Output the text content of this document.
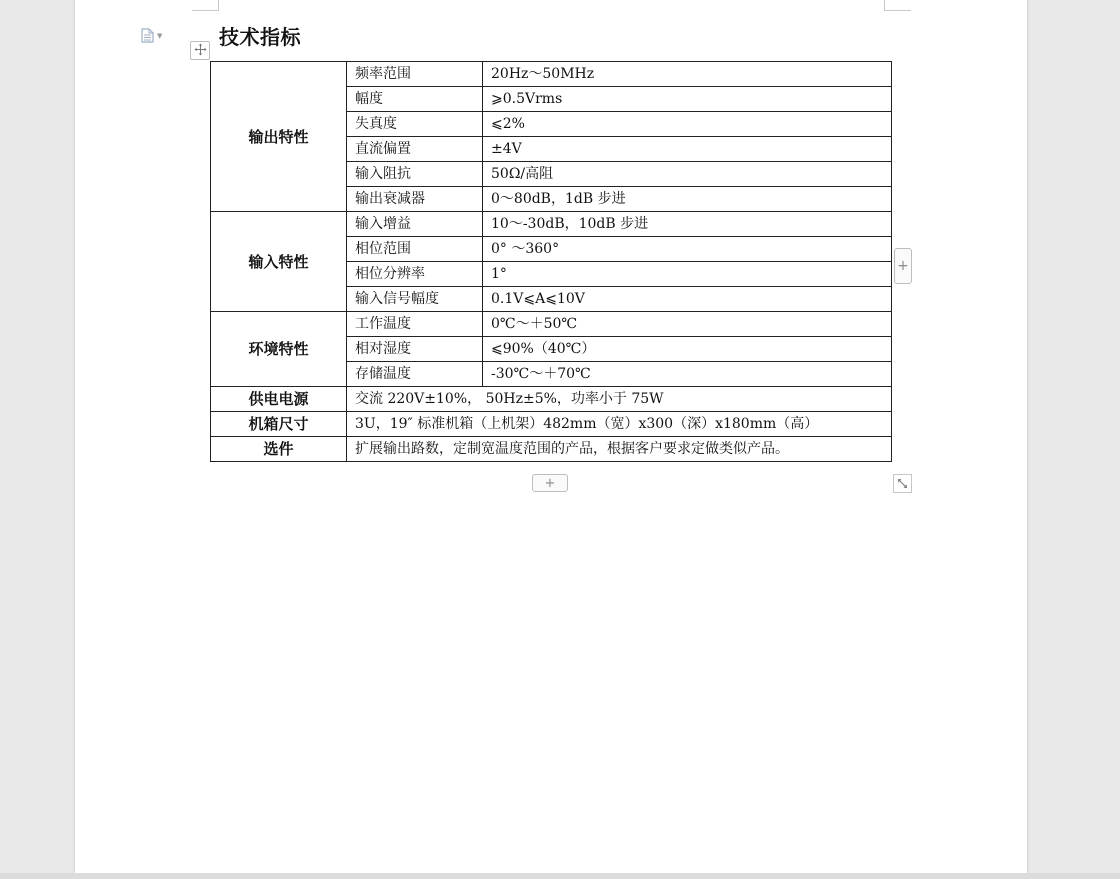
▼	技术指标
输出特性	频率范围	20Hz～50MHz
	幅度	⩾0.5Vrms
	失真度	⩽2%
	直流偏置	±4V
	输入阻抗	50Ω/高阻
	输出衰减器	0～80dB，1dB 步进
输入特性	输入增益	10～-30dB，10dB 步进
	相位范围	0° ～360°
	相位分辨率	1°
	输入信号幅度	0.1V⩽A⩽10V
环境特性	工作温度	0℃～＋50℃
	相对湿度	⩽90%（40℃）
	存储温度	-30℃～＋70℃
供电电源	交流 220V±10%， 50Hz±5%，功率小于 75W	
机箱尺寸	3U，19″ 标准机箱（上机架）482mm（宽）x300（深）x180mm（高）	
选件	扩展输出路数，定制宽温度范围的产品，根据客户要求定做类似产品。	
+
+
